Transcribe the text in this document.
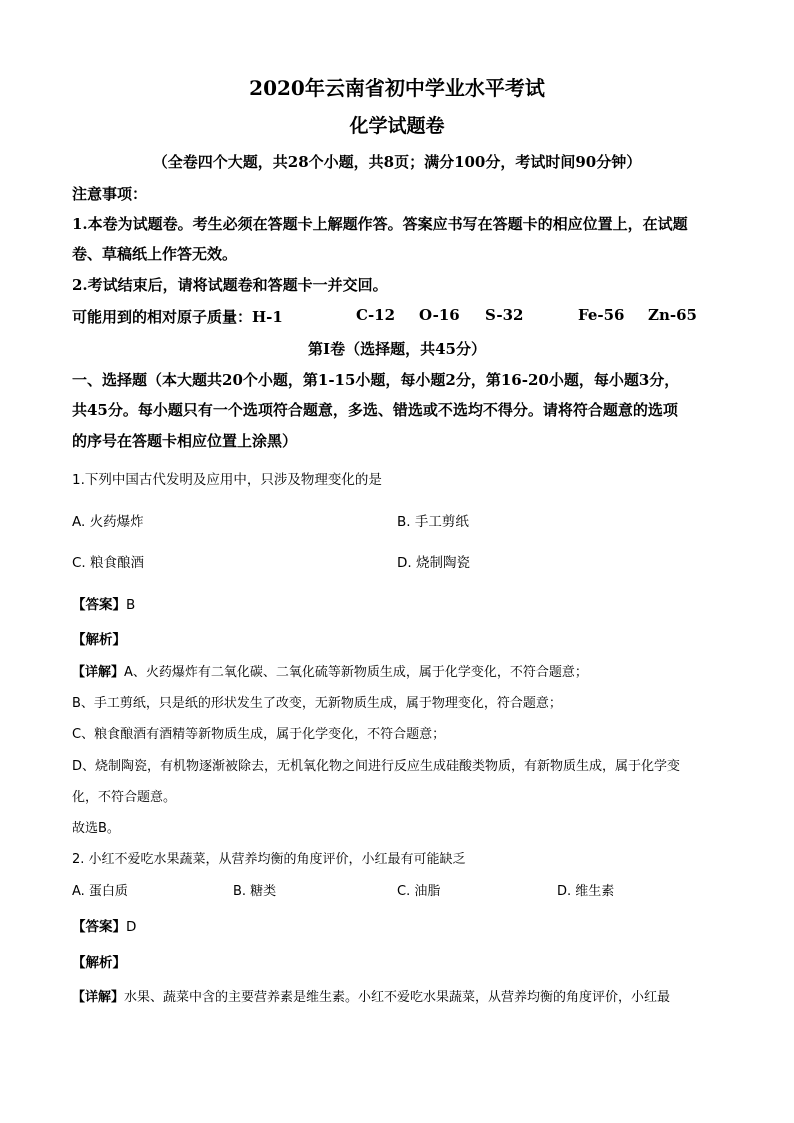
2020年云南省初中学业水平考试
化学试题卷
（全卷四个大题，共28个小题，共8页；满分100分，考试时间90分钟）
注意事项：
1.本卷为试题卷。考生必须在答题卡上解题作答。答案应书写在答题卡的相应位置上，在试题
卷、草稿纸上作答无效。
2.考试结束后，请将试题卷和答题卡一并交回。
可能用到的相对原子质量：H-1	C-12 O-16 S-32	Fe-56 Zn-65
第Ⅰ卷（选择题，共45分）
一、选择题（本大题共20个小题，第1-15小题，每小题2分，第16-20小题，每小题3分，
共45分。每小题只有一个选项符合题意，多选、错选或不选均不得分。请将符合题意的选项
的序号在答题卡相应位置上涂黑）
1.下列中国古代发明及应用中，只涉及物理变化的是
A. 火药爆炸	B. 手工剪纸
C. 粮食酿酒	D. 烧制陶瓷
【答案】B
【解析】
【详解】A、火药爆炸有二氧化碳、二氧化硫等新物质生成，属于化学变化，不符合题意；
B、手工剪纸，只是纸的形状发生了改变，无新物质生成，属于物理变化，符合题意；
C、粮食酿酒有酒精等新物质生成，属于化学变化，不符合题意；
D、烧制陶瓷，有机物逐渐被除去，无机氧化物之间进行反应生成硅酸类物质，有新物质生成，属于化学变
化，不符合题意。
故选B。
2. 小红不爱吃水果蔬菜，从营养均衡的角度评价，小红最有可能缺乏
A. 蛋白质	B. 糖类	C. 油脂	D. 维生素
【答案】D
【解析】
【详解】水果、蔬菜中含的主要营养素是维生素。小红不爱吃水果蔬菜，从营养均衡的角度评价，小红最
